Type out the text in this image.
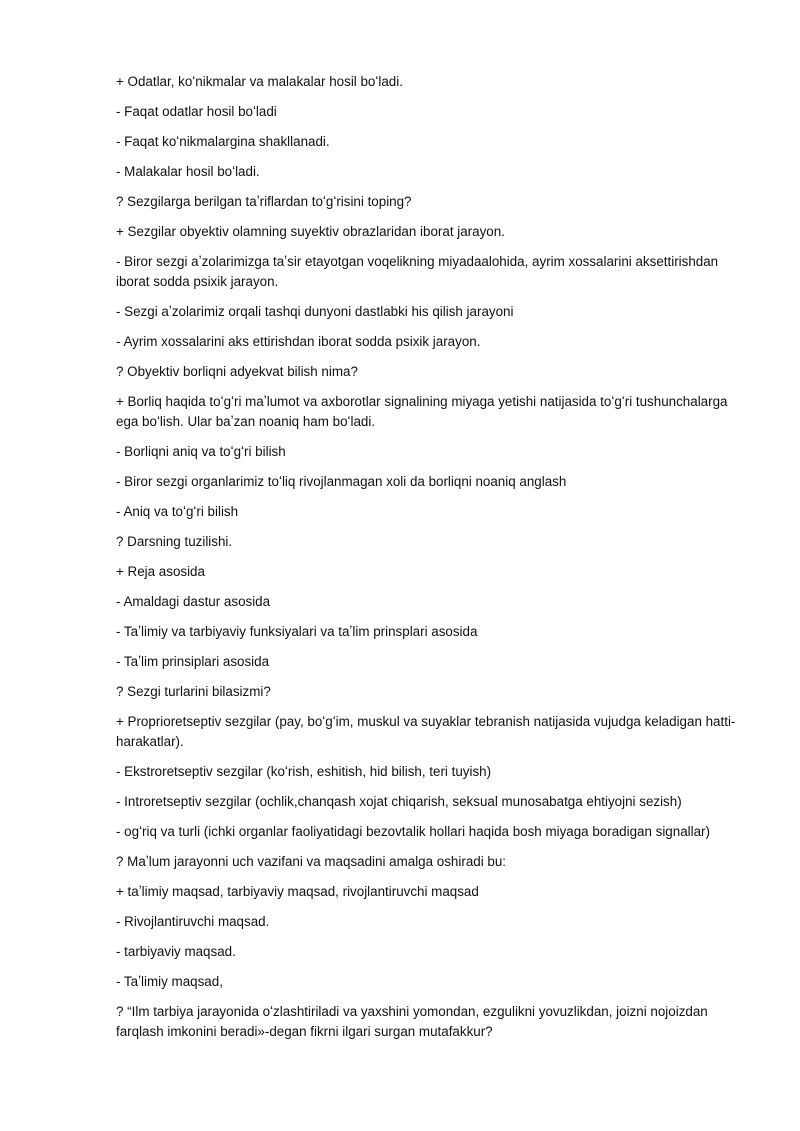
+ Odatlar, koʻnikmalar va malakalar hosil boʻladi.
- Faqat odatlar hosil boʻladi
- Faqat koʻnikmalargina shakllanadi.
- Malakalar hosil boʻladi.
? Sezgilarga berilgan taʼriflardan toʻgʻrisini toping?
+ Sezgilar obyektiv olamning suyektiv obrazlaridan iborat jarayon.
- Biror sezgi aʼzolarimizga taʼsir etayotgan voqelikning miyadaalohida, ayrim xossalarini aksettirishdan iborat sodda psixik jarayon.
- Sezgi aʼzolarimiz orqali tashqi dunyoni dastlabki his qilish jarayoni
- Ayrim xossalarini aks ettirishdan iborat sodda psixik jarayon.
? Obyektiv borliqni adyekvat bilish nima?
+ Borliq haqida toʻgʻri maʼlumot va axborotlar signalining miyaga yetishi natijasida toʻgʻri tushunchalarga ega boʻlish. Ular baʼzan noaniq ham boʻladi.
- Borliqni aniq va toʻgʻri bilish
- Biror sezgi organlarimiz toʻliq rivojlanmagan xoli da borliqni noaniq anglash
- Aniq va toʻgʻri bilish
? Darsning tuzilishi.
+ Reja asosida
- Amaldagi dastur asosida
- Taʼlimiy va tarbiyaviy funksiyalari va taʼlim prinsplari asosida
- Taʼlim prinsiplari asosida
? Sezgi turlarini bilasizmi?
+ Proprioretseptiv sezgilar (pay, boʻgʻim, muskul va suyaklar tebranish natijasida vujudga keladigan hatti-harakatlar).
- Ekstroretseptiv sezgilar (koʻrish, eshitish, hid bilish, teri tuyish)
- Introretseptiv sezgilar (ochlik,chanqash xojat chiqarish, seksual munosabatga ehtiyojni sezish)
- ogʻriq va turli (ichki organlar faoliyatidagi bezovtalik hollari haqida bosh miyaga boradigan signallar)
? Maʼlum jarayonni uch vazifani va maqsadini amalga oshiradi bu:
+ taʼlimiy maqsad, tarbiyaviy maqsad, rivojlantiruvchi maqsad
- Rivojlantiruvchi maqsad.
- tarbiyaviy maqsad.
- Taʼlimiy maqsad,
? “Ilm tarbiya jarayonida oʻzlashtiriladi va yaxshini yomondan, ezgulikni yovuzlikdan, joizni nojoizdan farqlash imkonini beradi»-degan fikrni ilgari surgan mutafakkur?
